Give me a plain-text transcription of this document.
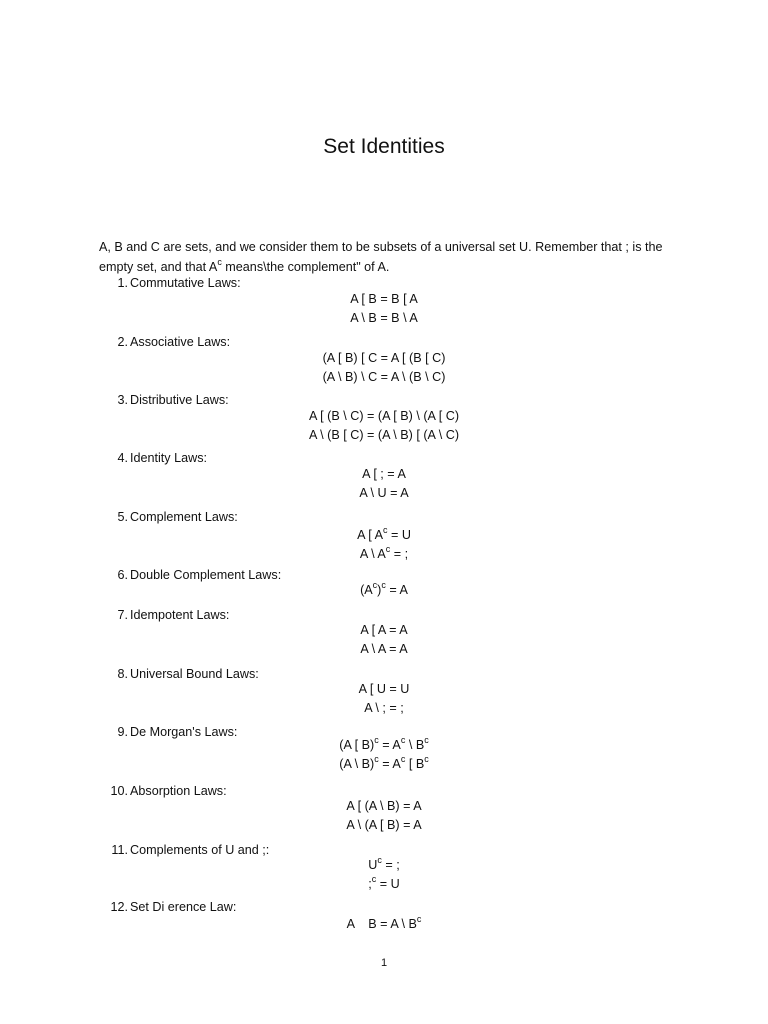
Set Identities
A, B and C are sets, and we consider them to be subsets of a universal set U. Remember that ; is the empty set, and that $A^c$ means\the complement" of A.
1. Commutative Laws:
A [ B = B [ A
A \ B = B \ A
2. Associative Laws:
(A [ B) [ C = A [ (B [ C)
(A \ B) \ C = A \ (B \ C)
3. Distributive Laws:
A [ (B \ C) = (A [ B) \ (A [ C)
A \ (B [ C) = (A \ B) [ (A \ C)
4. Identity Laws:
A [ ; = A
A \ U = A
5. Complement Laws:
A [ $A^c = U$
A \ $A^c$ = ;
6. Double Complement Laws:
$(A^c)^c = A$
7. Idempotent Laws:
A [ A = A
A \ A = A
8. Universal Bound Laws:
A [ U = U
A \ ; = ;
9. De Morgan's Laws:
(A [ $B)^c = A^c$ \ $B^c$
(A \ $B)^c = A^c$ [ $B^c$
10. Absorption Laws:
A [ (A \ B) = A
A \ (A [ B) = A
11. Complements of U and ;:
$U^c$ = ;
;$^c$ = U
12. Set Di erence Law:
A    B = A \ $B^c$
1
